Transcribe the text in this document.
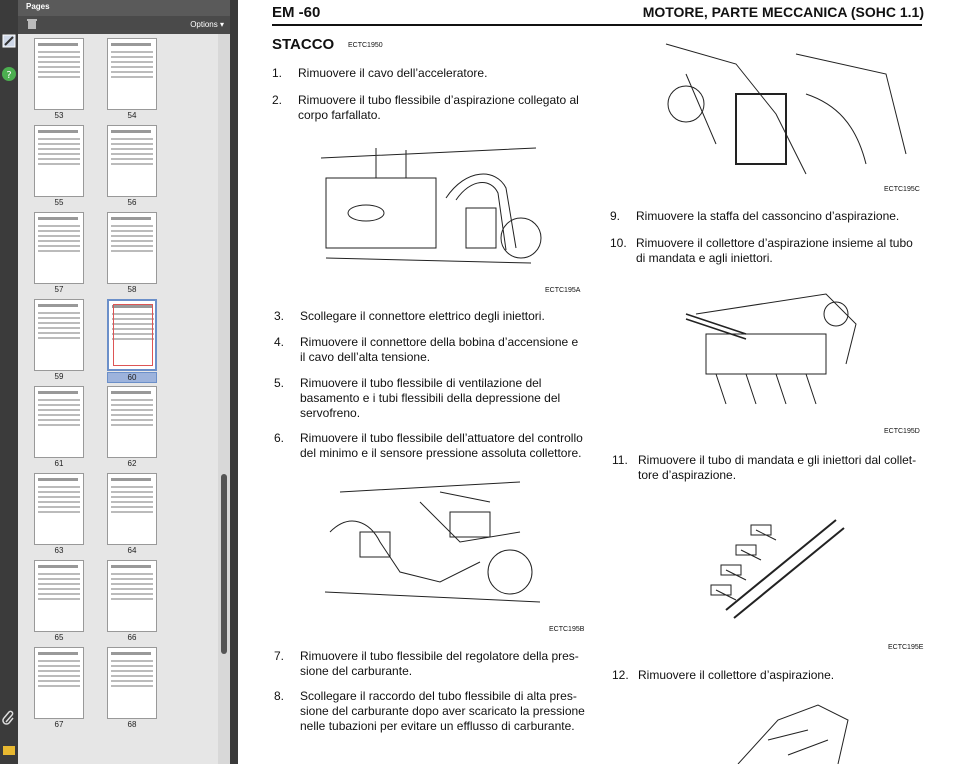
?
Pages
Options ▾
53	54
55	56
57	58
59	60
61	62
63	64
65	66
67	68
EM -60	MOTORE, PARTE MECCANICA (SOHC 1.1)
STACCO ECTC1950
1.	Rimuovere il cavo dell’acceleratore.
2.	Rimuovere il tubo flessibile d’aspirazione collegato al
corpo farfallato.
3.	Scollegare il connettore elettrico degli iniettori.
4.	Rimuovere il connettore della bobina d’accensione e
il cavo dell’alta tensione.
5.	Rimuovere il tubo flessibile di ventilazione del
basamento e i tubi flessibili della depressione del
servofreno.
6.	Rimuovere il tubo flessibile dell’attuatore del controllo
del minimo e il sensore pressione assoluta collettore.
7.	Rimuovere il tubo flessibile del regolatore della pres-
sione del carburante.
8.	Scollegare il raccordo del tubo flessibile di alta pres-
sione del carburante dopo aver scaricato la pressione
nelle tubazioni per evitare un efflusso di carburante.
9.	Rimuovere la staffa del cassoncino d’aspirazione.
10. Rimuovere il collettore d’aspirazione insieme al tubo
di mandata e agli iniettori.
11. Rimuovere il tubo di mandata e gli iniettori dal collet-
tore d’aspirazione.
12. Rimuovere il collettore d’aspirazione.
ECTC195A
ECTC195B
ECTC195C
ECTC195D
ECTC195E
